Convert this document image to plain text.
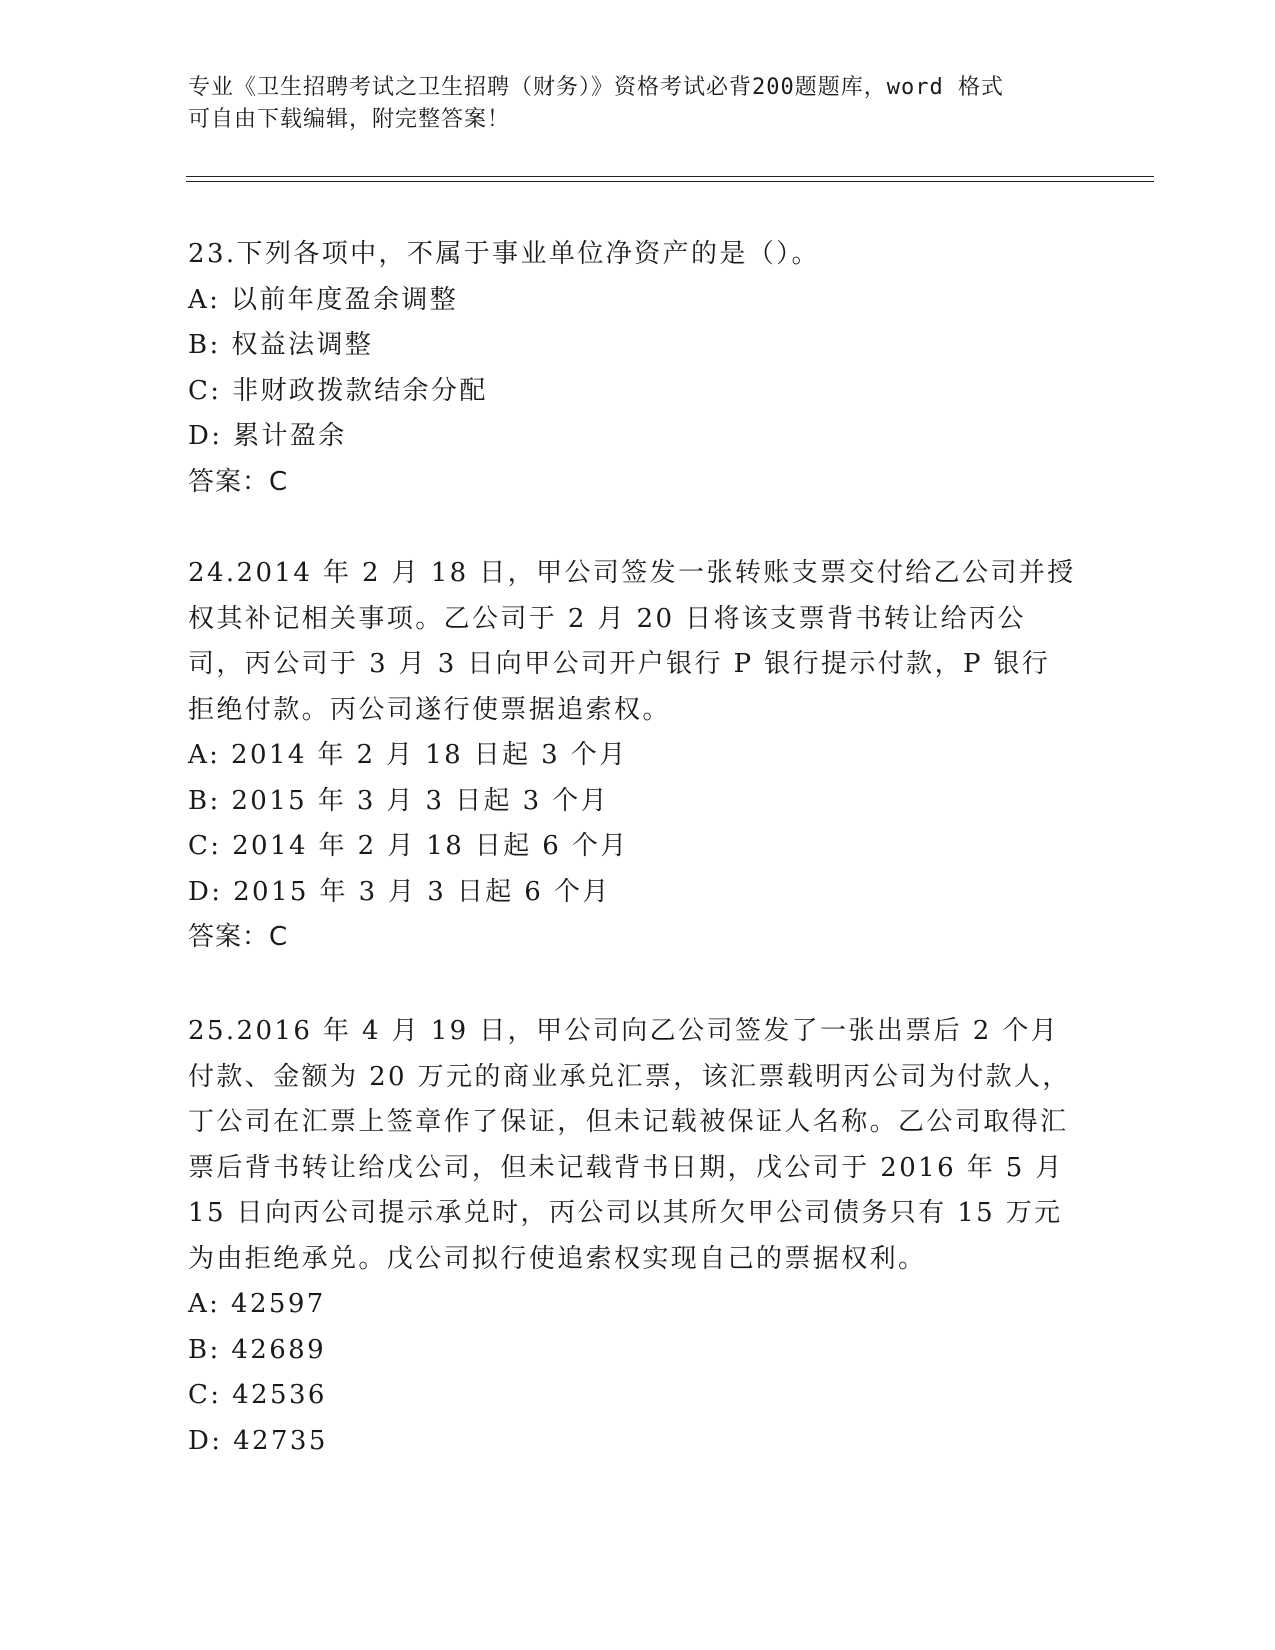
专业《卫生招聘考试之卫生招聘（财务）》资格考试必背200题题库，word 格式
可自由下载编辑，附完整答案！

23.下列各项中，不属于事业单位净资产的是（）。

A: 以前年度盈余调整

B: 权益法调整

C: 非财政拨款结余分配

D: 累计盈余

答案：C

24.2014 年 2 月 18 日，甲公司签发一张转账支票交付给乙公司并授权其补记相关事项。乙公司于 2 月 20 日将该支票背书转让给丙公司，丙公司于 3 月 3 日向甲公司开户银行 P 银行提示付款，P 银行拒绝付款。丙公司遂行使票据追索权。

A: 2014 年 2 月 18 日起 3 个月

B: 2015 年 3 月 3 日起 3 个月

C: 2014 年 2 月 18 日起 6 个月

D: 2015 年 3 月 3 日起 6 个月

答案：C

25.2016 年 4 月 19 日，甲公司向乙公司签发了一张出票后 2 个月付款、金额为 20 万元的商业承兑汇票，该汇票载明丙公司为付款人，丁公司在汇票上签章作了保证，但未记载被保证人名称。乙公司取得汇票后背书转让给戊公司，但未记载背书日期，戊公司于 2016 年 5 月 15 日向丙公司提示承兑时，丙公司以其所欠甲公司债务只有 15 万元为由拒绝承兑。戊公司拟行使追索权实现自己的票据权利。

A: 42597

B: 42689

C: 42536

D: 42735
